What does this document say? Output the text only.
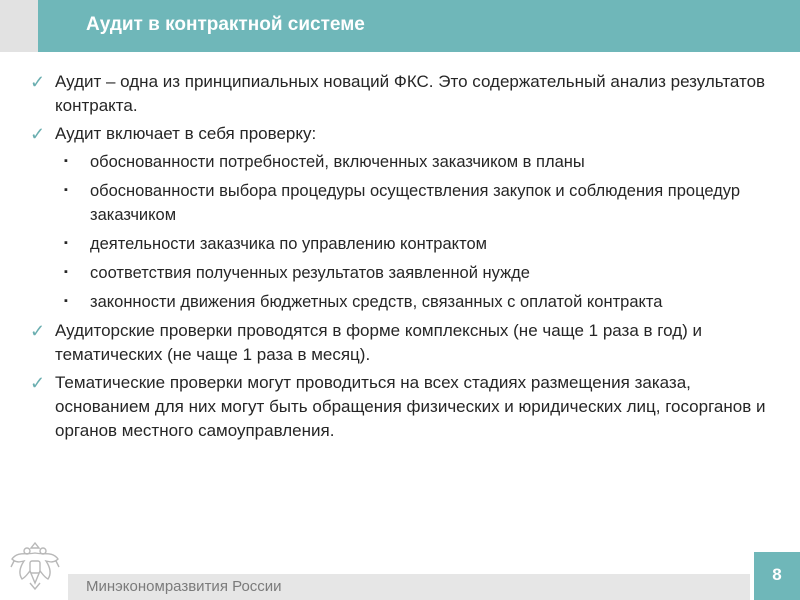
Аудит в контрактной системе
✓ Аудит – одна из принципиальных новаций ФКС. Это содержательный анализ результатов контракта.
✓ Аудит включает в себя проверку:
▪ обоснованности потребностей, включенных заказчиком в планы
▪ обоснованности выбора процедуры осуществления закупок и соблюдения процедур заказчиком
▪ деятельности заказчика по управлению контрактом
▪ соответствия полученных результатов заявленной нужде
▪ законности движения бюджетных средств, связанных с оплатой контракта
✓ Аудиторские проверки проводятся в форме комплексных (не чаще 1 раза в год) и тематических (не чаще 1 раза в месяц).
✓ Тематические проверки могут проводиться на всех стадиях размещения заказа, основанием для них могут быть обращения физических и юридических лиц, госорганов и органов местного самоуправления.
Минэкономразвития России
8
